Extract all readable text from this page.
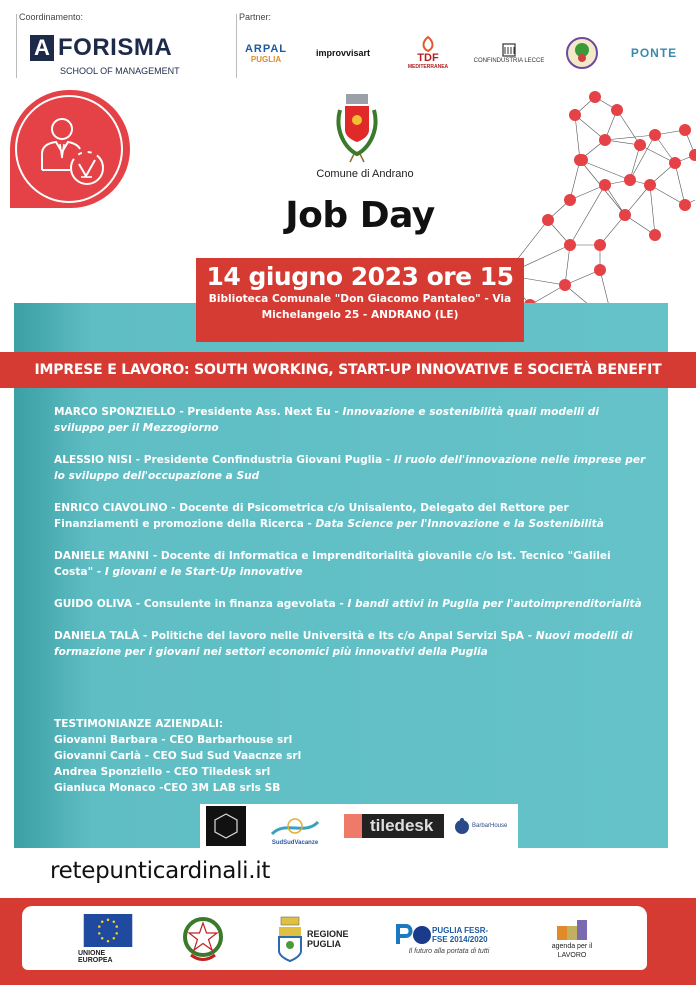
Coordinamento:
A FORISMA
SCHOOL OF MANAGEMENT
Partner:
ARPAL
PUGLIA
improvvisart	TDF
MEDITERRANEA
CONFINDUSTRIA LECCE
PONTE
Comune di Andrano
Job Day
14 giugno 2023 ore 15
Biblioteca Comunale "Don Giacomo Pantaleo" - Via
Michelangelo 25 - ANDRANO (LE)
IMPRESE E LAVORO: SOUTH WORKING, START-UP INNOVATIVE E SOCIETÀ BENEFIT
MARCO SPONZIELLO - Presidente Ass. Next Eu - Innovazione e sostenibilità quali modelli di sviluppo per il Mezzogiorno
ALESSIO NISI - Presidente Confindustria Giovani Puglia - Il ruolo dell'innovazione nelle imprese per lo sviluppo dell'occupazione a Sud
ENRICO CIAVOLINO - Docente di Psicometrica c/o Unisalento, Delegato del Rettore per Finanziamenti e promozione della Ricerca - Data Science per l'Innovazione e la Sostenibilità
DANIELE MANNI - Docente di Informatica e Imprenditorialità giovanile c/o Ist. Tecnico "Galilei Costa" - I giovani e le Start-Up innovative
GUIDO OLIVA - Consulente in finanza agevolata - I bandi attivi in Puglia per l'autoimprenditorialità
DANIELA TALÀ - Politiche del lavoro nelle Università e Its c/o Anpal Servizi SpA - Nuovi modelli di formazione per i giovani nei settori economici più innovativi della Puglia
TESTIMONIANZE AZIENDALI:
Giovanni Barbara - CEO Barbarhouse srl
Giovanni Carlà - CEO Sud Sud Vaacnze srl
Andrea Sponziello - CEO Tiledesk srl
Gianluca Monaco -CEO 3M LAB srls SB
SudSudVacanze
tiledesk	BarbarHouse
retepunticardinali.it
UNIONE EUROPEA
REGIONE PUGLIA
PUGLIA FESR-FSE 2014/2020
Il futuro alla portata di tutti
agenda per il LAVORO
